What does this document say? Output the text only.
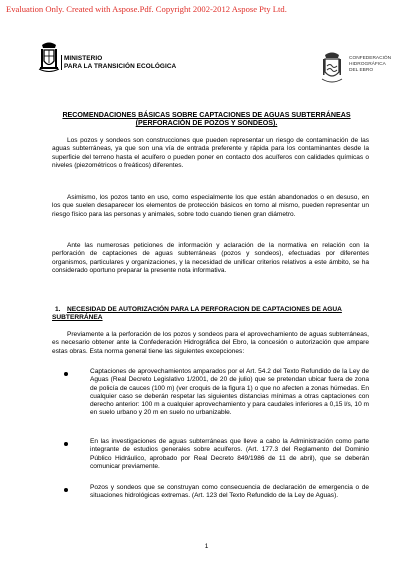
Evaluation Only. Created with Aspose.Pdf. Copyright 2002-2012 Aspose Pty Ltd.
MINISTERIO
PARA LA TRANSICIÓN ECOLÓGICA
CONFEDERACIÓN
HIDROGRÁFICA
DEL EBRO
RECOMENDACIONES BÁSICAS SOBRE CAPTACIONES DE AGUAS SUBTERRÁNEAS
(PERFORACIÓN DE POZOS Y SONDEOS).
Los pozos y sondeos son construcciones que pueden representar un riesgo de contaminación de las aguas subterráneas, ya que son una vía de entrada preferente y rápida para los contaminantes desde la superficie del terreno hasta el acuífero o pueden poner en contacto dos acuíferos con calidades químicas o niveles (piezométricos o freáticos) diferentes.
Asimismo, los pozos tanto en uso, como especialmente los que están abandonados o en desuso, en los que suelen desaparecer los elementos de protección básicos en torno al mismo, pueden representar un riesgo físico para las personas y animales, sobre todo cuando tienen gran diámetro.
Ante las numerosas peticiones de información y aclaración de la normativa en relación con la perforación de captaciones de aguas subterráneas (pozos y sondeos), efectuadas por diferentes organismos, particulares y organizaciones, y la necesidad de unificar criterios relativos a este ámbito, se ha considerado oportuno preparar la presente nota informativa.
1. NECESIDAD DE AUTORIZACIÓN PARA LA PERFORACION DE CAPTACIONES DE AGUA SUBTERRÁNEA
Previamente a la perforación de los pozos y sondeos para el aprovechamiento de aguas subterráneas, es necesario obtener ante la Confederación Hidrográfica del Ebro, la concesión o autorización que ampare estas obras. Esta norma general tiene las siguientes excepciones:
Captaciones de aprovechamientos amparados por el Art. 54.2 del Texto Refundido de la Ley de Aguas (Real Decreto Legislativo 1/2001, de 20 de julio) que se pretendan ubicar fuera de zona de policía de cauces (100 m) (ver croquis de la figura 1) o que no afecten a zonas húmedas. En cualquier caso se deberán respetar las siguientes distancias mínimas a otras captaciones con derecho anterior: 100 m a cualquier aprovechamiento y para caudales inferiores a 0,15 l/s, 10 m en suelo urbano y 20 m en suelo no urbanizable.
En las investigaciones de aguas subterráneas que lleve a cabo la Administración como parte integrante de estudios generales sobre acuíferos. (Art. 177.3 del Reglamento del Dominio Público Hidráulico, aprobado por Real Decreto 849/1986 de 11 de abril), que se deberán comunicar previamente.
Pozos y sondeos que se construyan como consecuencia de declaración de emergencia o de situaciones hidrológicas extremas. (Art. 123 del Texto Refundido de la Ley de Aguas).
1
